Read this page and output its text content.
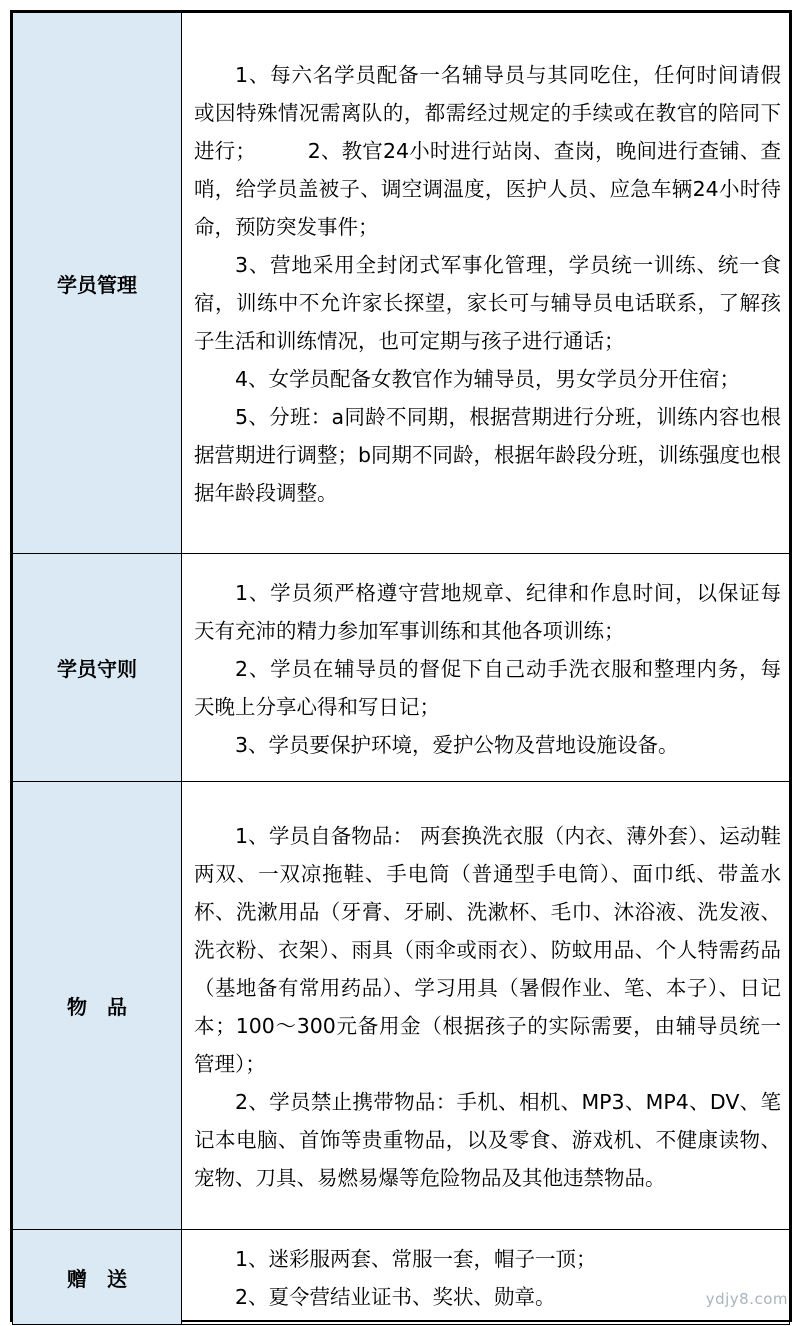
学员管理	1、每六名学员配备一名辅导员与其同吃住，任何时间请假或因特殊情况需离队的，都需经过规定的手续或在教官的陪同下进行；　　　2、教官24小时进行站岗、查岗，晚间进行查铺、查哨，给学员盖被子、调空调温度，医护人员、应急车辆24小时待命，预防突发事件；

3、营地采用全封闭式军事化管理，学员统一训练、统一食宿，训练中不允许家长探望，家长可与辅导员电话联系，了解孩子生活和训练情况，也可定期与孩子进行通话；

4、女学员配备女教官作为辅导员，男女学员分开住宿；

5、分班：a同龄不同期，根据营期进行分班，训练内容也根据营期进行调整；b同期不同龄，根据年龄段分班，训练强度也根据年龄段调整。

学员守则	1、学员须严格遵守营地规章、纪律和作息时间，以保证每天有充沛的精力参加军事训练和其他各项训练；

2、学员在辅导员的督促下自己动手洗衣服和整理内务，每天晚上分享心得和写日记；

3、学员要保护环境，爱护公物及营地设施设备。

物　品	1、学员自备物品： 两套换洗衣服（内衣、薄外套）、运动鞋两双、一双凉拖鞋、手电筒（普通型手电筒）、面巾纸、带盖水杯、洗漱用品（牙膏、牙刷、洗漱杯、毛巾、沐浴液、洗发液、洗衣粉、衣架）、雨具（雨伞或雨衣）、防蚊用品、个人特需药品（基地备有常用药品）、学习用具（暑假作业、笔、本子）、日记本；100～300元备用金（根据孩子的实际需要，由辅导员统一管理）；

2、学员禁止携带物品：手机、相机、MP3、MP4、DV、笔记本电脑、首饰等贵重物品，以及零食、游戏机、不健康读物、宠物、刀具、易燃易爆等危险物品及其他违禁物品。

赠　送	1、迷彩服两套、常服一套，帽子一顶；

2、夏令营结业证书、奖状、勋章。	ydjy8.com
